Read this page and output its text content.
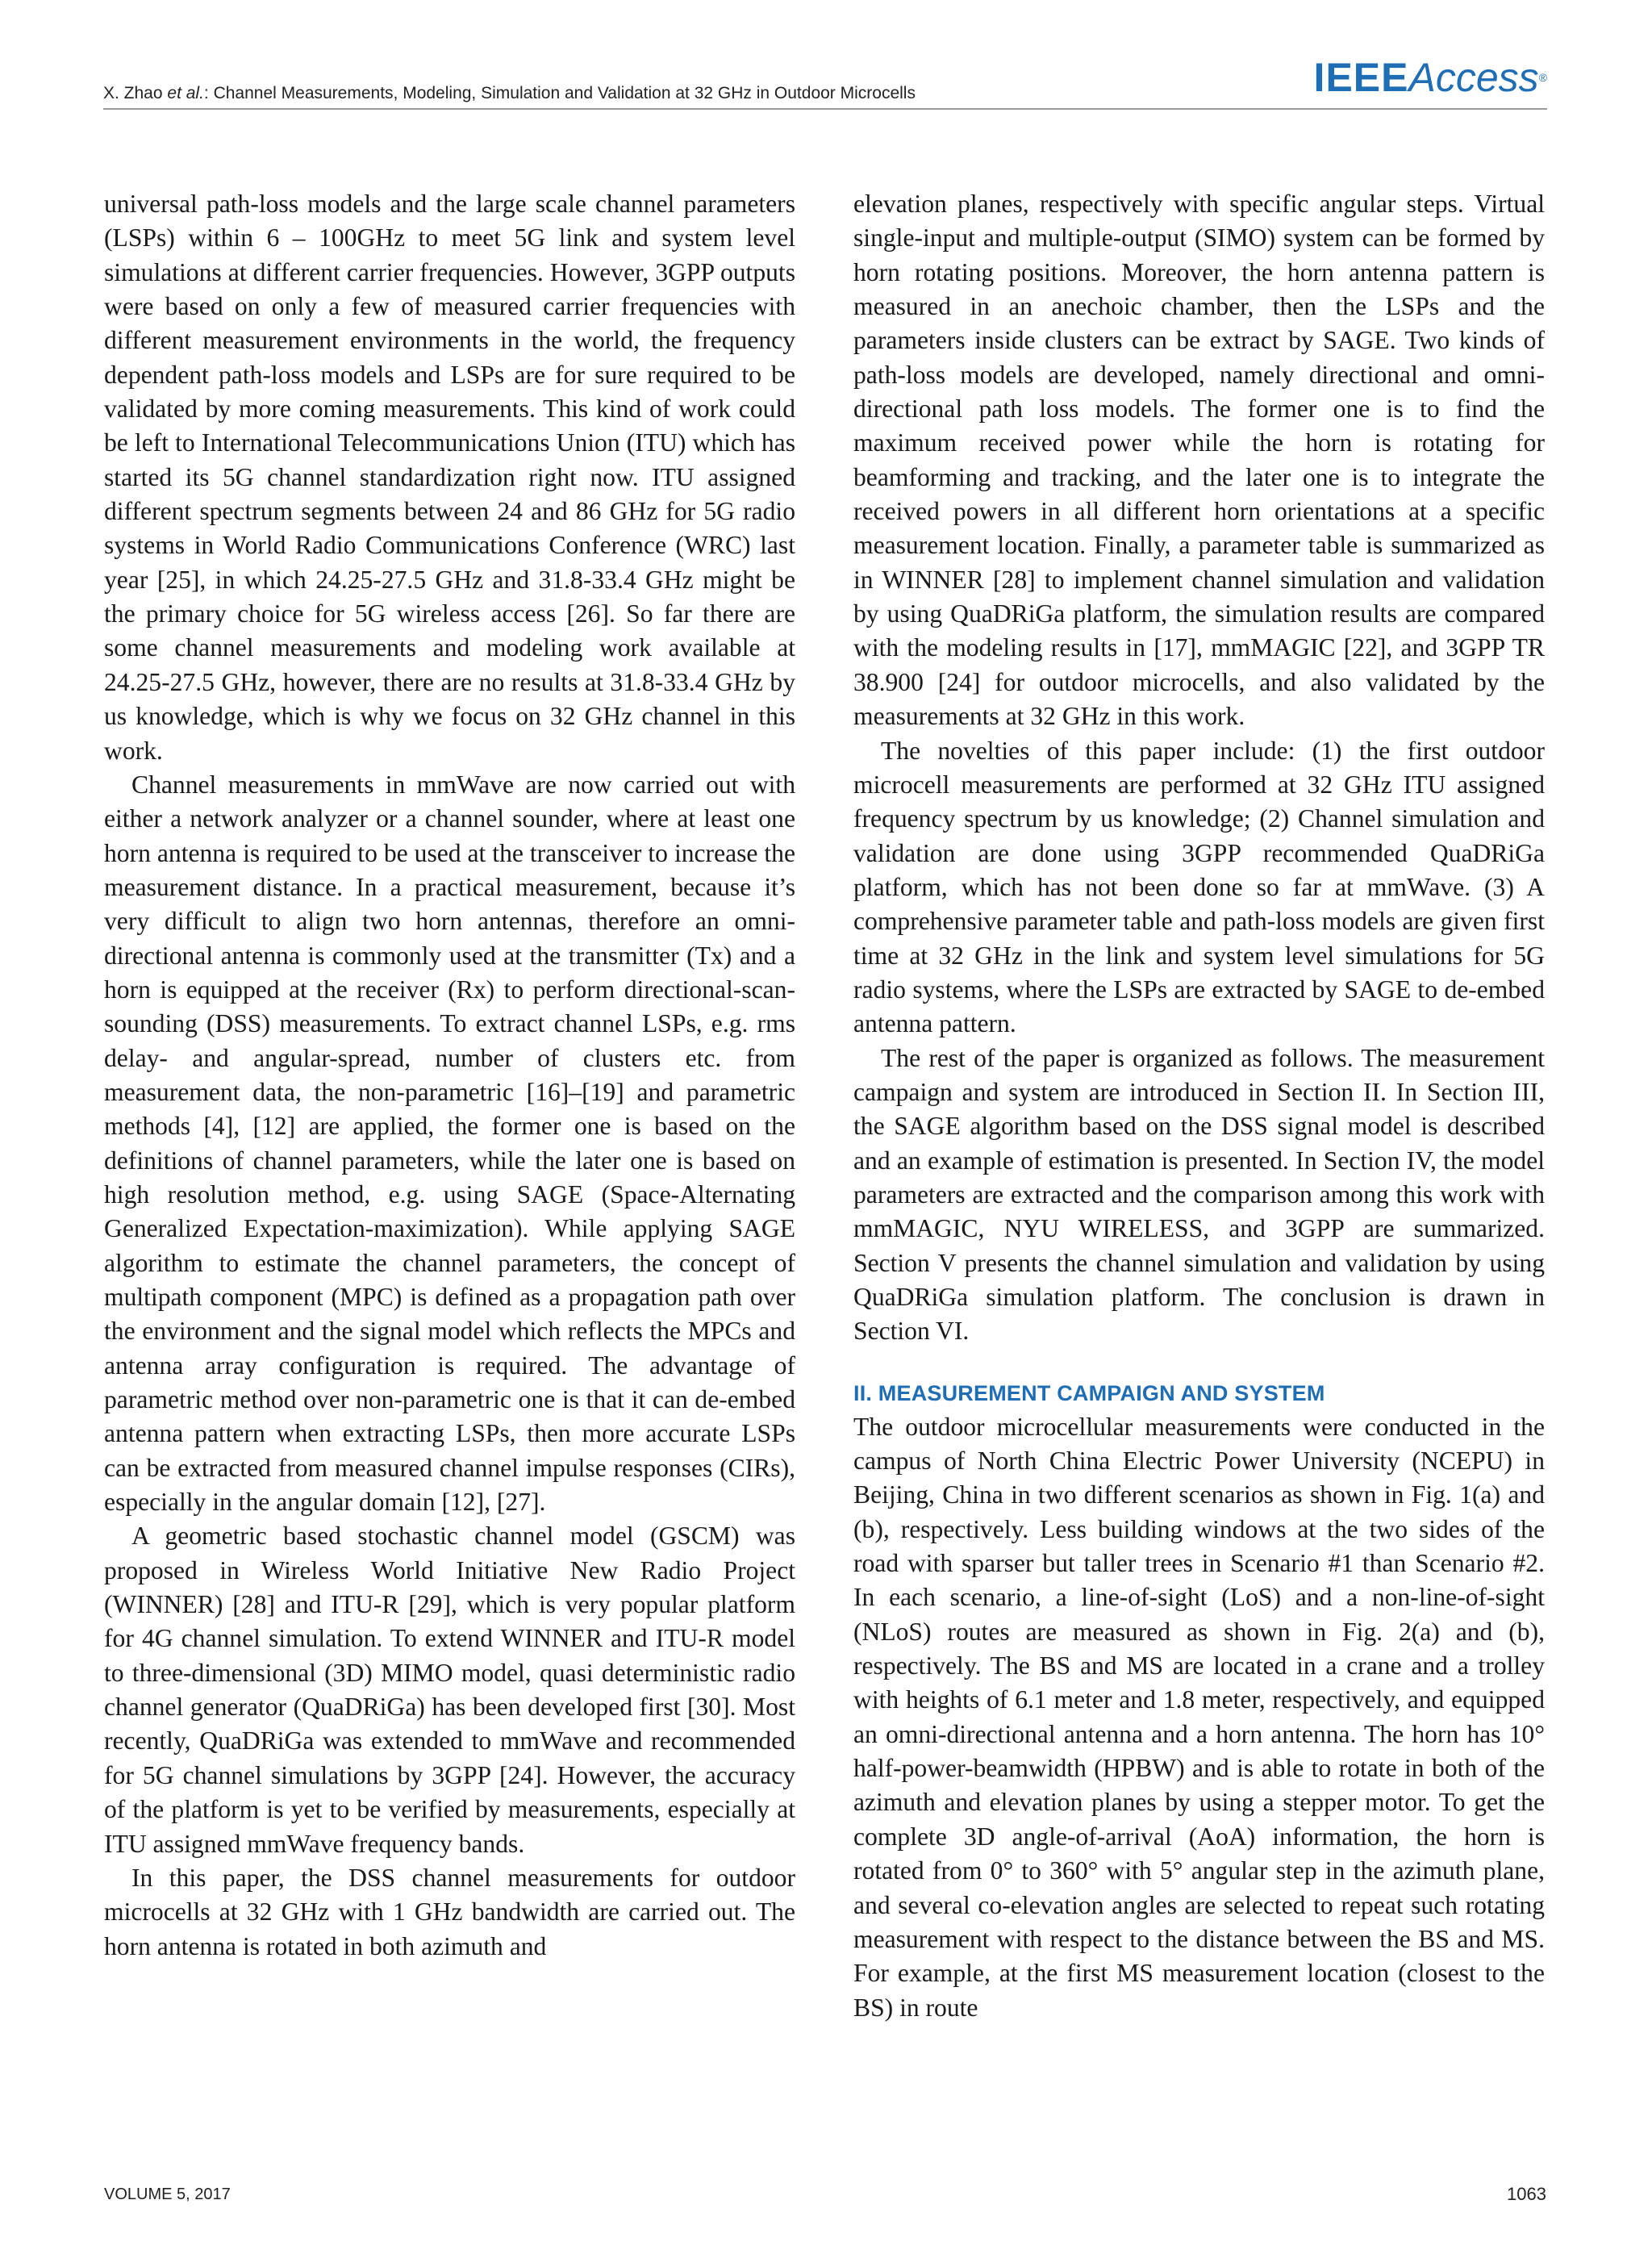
X. Zhao et al.: Channel Measurements, Modeling, Simulation and Validation at 32 GHz in Outdoor Microcells	IEEEAccess®

universal path-loss models and the large scale channel parameters (LSPs) within 6 – 100GHz to meet 5G link and system level simulations at different carrier frequencies. However, 3GPP outputs were based on only a few of measured carrier frequencies with different measurement environments in the world, the frequency dependent path-loss models and LSPs are for sure required to be validated by more coming measurements. This kind of work could be left to International Telecommunications Union (ITU) which has started its 5G channel standardization right now. ITU assigned different spectrum segments between 24 and 86 GHz for 5G radio systems in World Radio Communications Conference (WRC) last year [25], in which 24.25-27.5 GHz and 31.8-33.4 GHz might be the primary choice for 5G wireless access [26]. So far there are some channel measurements and modeling work available at 24.25-27.5 GHz, however, there are no results at 31.8-33.4 GHz by us knowledge, which is why we focus on 32 GHz channel in this work.

Channel measurements in mmWave are now carried out with either a network analyzer or a channel sounder, where at least one horn antenna is required to be used at the transceiver to increase the measurement distance. In a practical measurement, because it’s very difficult to align two horn antennas, therefore an omni-directional antenna is commonly used at the transmitter (Tx) and a horn is equipped at the receiver (Rx) to perform directional-scan-sounding (DSS) measurements. To extract channel LSPs, e.g. rms delay- and angular-spread, number of clusters etc. from measurement data, the non-parametric [16]–[19] and parametric methods [4], [12] are applied, the former one is based on the definitions of channel parameters, while the later one is based on high resolution method, e.g. using SAGE (Space-Alternating Generalized Expectation-maximization). While applying SAGE algorithm to estimate the channel parameters, the concept of multipath component (MPC) is defined as a propagation path over the environment and the signal model which reflects the MPCs and antenna array configuration is required. The advantage of parametric method over non-parametric one is that it can de-embed antenna pattern when extracting LSPs, then more accurate LSPs can be extracted from measured channel impulse responses (CIRs), especially in the angular domain [12], [27].

A geometric based stochastic channel model (GSCM) was proposed in Wireless World Initiative New Radio Project (WINNER) [28] and ITU-R [29], which is very popular platform for 4G channel simulation. To extend WINNER and ITU-R model to three-dimensional (3D) MIMO model, quasi deterministic radio channel generator (QuaDRiGa) has been developed first [30]. Most recently, QuaDRiGa was extended to mmWave and recommended for 5G channel simulations by 3GPP [24]. However, the accuracy of the platform is yet to be verified by measurements, especially at ITU assigned mmWave frequency bands.

In this paper, the DSS channel measurements for outdoor microcells at 32 GHz with 1 GHz bandwidth are carried out. The horn antenna is rotated in both azimuth and

elevation planes, respectively with specific angular steps. Virtual single-input and multiple-output (SIMO) system can be formed by horn rotating positions. Moreover, the horn antenna pattern is measured in an anechoic chamber, then the LSPs and the parameters inside clusters can be extract by SAGE. Two kinds of path-loss models are developed, namely directional and omni-directional path loss models. The former one is to find the maximum received power while the horn is rotating for beamforming and tracking, and the later one is to integrate the received powers in all different horn orientations at a specific measurement location. Finally, a parameter table is summarized as in WINNER [28] to implement channel simulation and validation by using QuaDRiGa platform, the simulation results are compared with the modeling results in [17], mmMAGIC [22], and 3GPP TR 38.900 [24] for outdoor microcells, and also validated by the measurements at 32 GHz in this work.

The novelties of this paper include: (1) the first outdoor microcell measurements are performed at 32 GHz ITU assigned frequency spectrum by us knowledge; (2) Channel simulation and validation are done using 3GPP recommended QuaDRiGa platform, which has not been done so far at mmWave. (3) A comprehensive parameter table and path-loss models are given first time at 32 GHz in the link and system level simulations for 5G radio systems, where the LSPs are extracted by SAGE to de-embed antenna pattern.

The rest of the paper is organized as follows. The measurement campaign and system are introduced in Section II. In Section III, the SAGE algorithm based on the DSS signal model is described and an example of estimation is presented. In Section IV, the model parameters are extracted and the comparison among this work with mmMAGIC, NYU WIRELESS, and 3GPP are summarized. Section V presents the channel simulation and validation by using QuaDRiGa simulation platform. The conclusion is drawn in Section VI.

II. MEASUREMENT CAMPAIGN AND SYSTEM

The outdoor microcellular measurements were conducted in the campus of North China Electric Power University (NCEPU) in Beijing, China in two different scenarios as shown in Fig. 1(a) and (b), respectively. Less building windows at the two sides of the road with sparser but taller trees in Scenario #1 than Scenario #2. In each scenario, a line-of-sight (LoS) and a non-line-of-sight (NLoS) routes are measured as shown in Fig. 2(a) and (b), respectively. The BS and MS are located in a crane and a trolley with heights of 6.1 meter and 1.8 meter, respectively, and equipped an omni-directional antenna and a horn antenna. The horn has 10° half-power-beamwidth (HPBW) and is able to rotate in both of the azimuth and elevation planes by using a stepper motor. To get the complete 3D angle-of-arrival (AoA) information, the horn is rotated from 0° to 360° with 5° angular step in the azimuth plane, and several co-elevation angles are selected to repeat such rotating measurement with respect to the distance between the BS and MS. For example, at the first MS measurement location (closest to the BS) in route

VOLUME 5, 2017	1063
